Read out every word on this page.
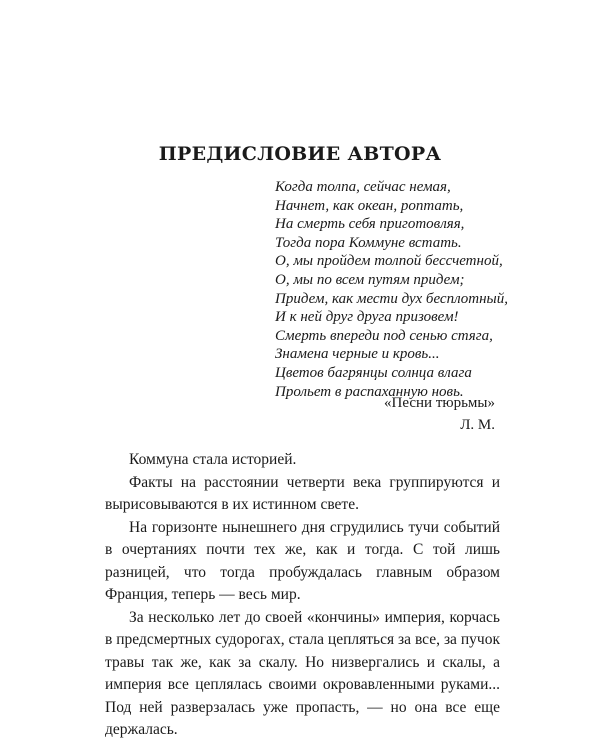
ПРЕДИСЛОВИЕ АВТОРА
Когда толпа, сейчас немая,
Начнет, как океан, роптать,
На смерть себя приготовляя,
Тогда пора Коммуне встать.
О, мы пройдем толпой бессчетной,
О, мы по всем путям придем;
Придем, как мести дух бесплотный,
И к ней друг друга призовем!
Смерть впереди под сенью стяга,
Знамена черные и кровь...
Цветов багрянцы солнца влага
Прольет в распаханную новь.
«Песни тюрьмы»
Л. М.

Коммуна стала историей.

Факты на расстоянии четверти века группируются и вырисовываются в их истинном свете.

На горизонте нынешнего дня сгрудились тучи событий в очертаниях почти тех же, как и тогда. С той лишь разницей, что тогда пробуждалась главным образом Франция, теперь — весь мир.

За несколько лет до своей «кончины» империя, корчась в предсмертных судорогах, стала цепляться за все, за пучок травы так же, как за скалу. Но низвергались и скалы, а империя все цеплялась своими окровавленными руками... Под ней разверзалась уже пропасть, — но она все еще держалась.
